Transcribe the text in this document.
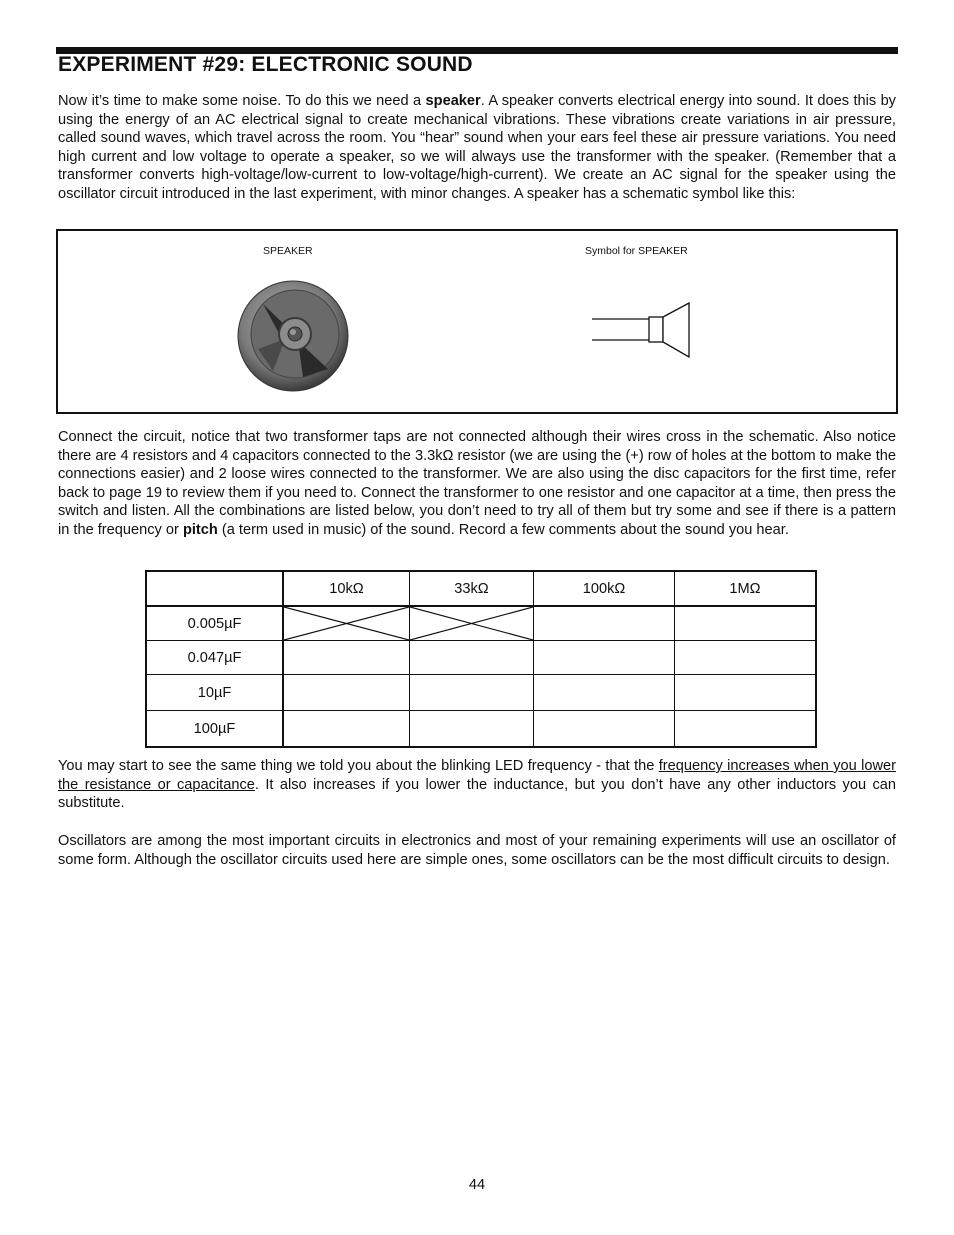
EXPERIMENT #29: ELECTRONIC SOUND

Now it’s time to make some noise. To do this we need a speaker. A speaker converts electrical energy into sound. It does this by using the energy of an AC electrical signal to create mechanical vibrations. These vibrations create variations in air pressure, called sound waves, which travel across the room. You “hear” sound when your ears feel these air pressure variations. You need high current and low voltage to operate a speaker, so we will always use the transformer with the speaker. (Remember that a transformer converts high-voltage/low-current to low-voltage/high-current). We create an AC signal for the speaker using the oscillator circuit introduced in the last experiment, with minor changes. A speaker has a schematic symbol like this:

SPEAKER	Symbol for SPEAKER

Connect the circuit, notice that two transformer taps are not connected although their wires cross in the schematic. Also notice there are 4 resistors and 4 capacitors connected to the 3.3kΩ resistor (we are using the (+) row of holes at the bottom to make the connections easier) and 2 loose wires connected to the transformer. We are also using the disc capacitors for the first time, refer back to page 19 to review them if you need to. Connect the transformer to one resistor and one capacitor at a time, then press the switch and listen. All the combinations are listed below, you don’t need to try all of them but try some and see if there is a pattern in the frequency or pitch (a term used in music) of the sound. Record a few comments about the sound you hear.

	10kΩ	33kΩ	100kΩ	1MΩ
0.005µF	

0.047µF				
10µF				
100µF				

You may start to see the same thing we told you about the blinking LED frequency - that the frequency increases when you lower the resistance or capacitance. It also increases if you lower the inductance, but you don’t have any other inductors you can substitute.

Oscillators are among the most important circuits in electronics and most of your remaining experiments will use an oscillator of some form. Although the oscillator circuits used here are simple ones, some oscillators can be the most difficult circuits to design.

44
